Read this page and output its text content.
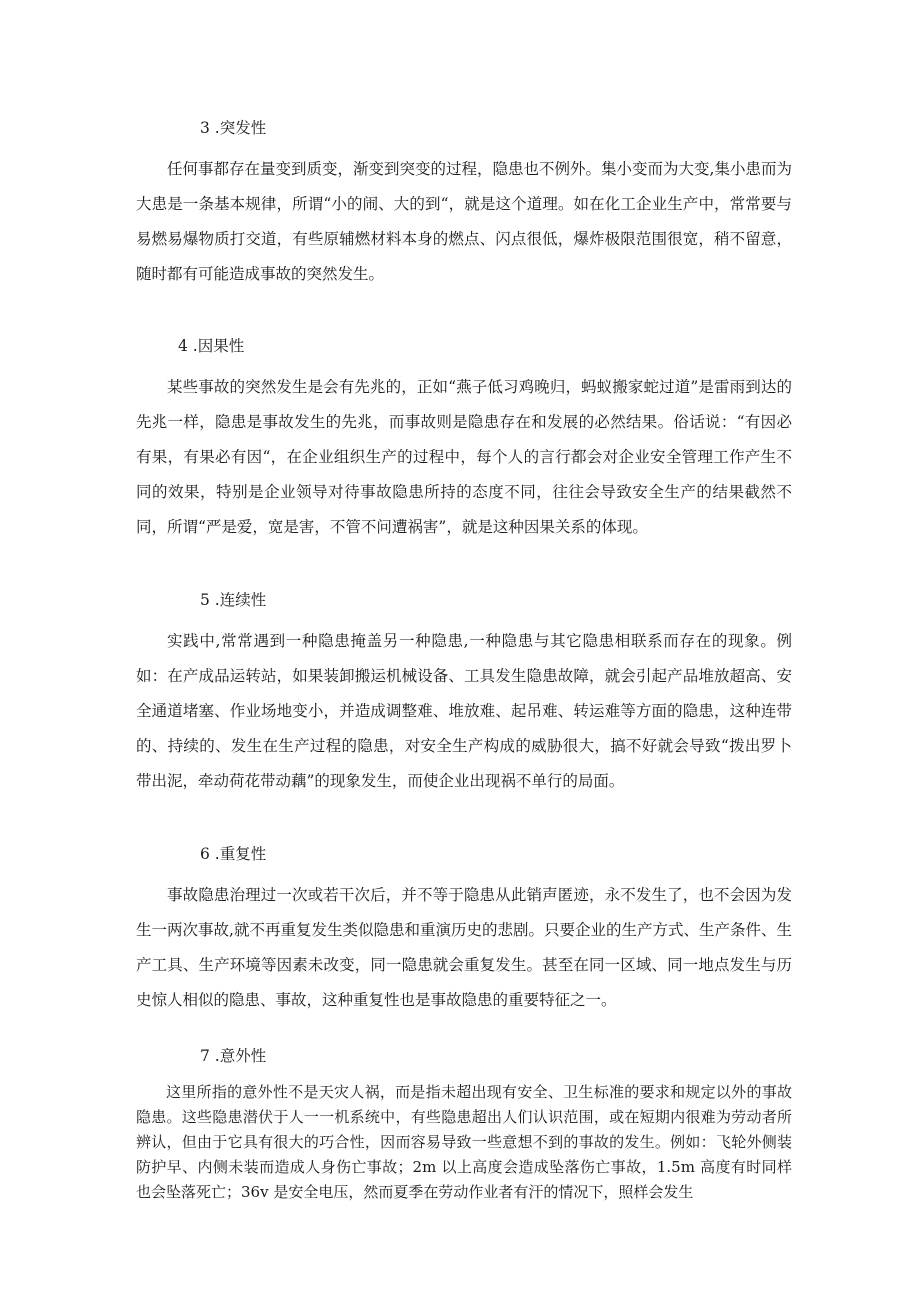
3 .突发性

任何事都存在量变到质变，渐变到突变的过程，隐患也不例外。集小变而为大变,集小患而为大患是一条基本规律，所谓“小的闹、大的到“，就是这个道理。如在化工企业生产中，常常要与易燃易爆物质打交道，有些原辅燃材料本身的燃点、闪点很低，爆炸极限范围很宽，稍不留意，随时都有可能造成事故的突然发生。

4 .因果性

某些事故的突然发生是会有先兆的，正如“燕子低习鸡晚归，蚂蚁搬家蛇过道”是雷雨到达的先兆一样，隐患是事故发生的先兆，而事故则是隐患存在和发展的必然结果。俗话说：“有因必有果，有果必有因“，在企业组织生产的过程中，每个人的言行都会对企业安全管理工作产生不同的效果，特别是企业领导对待事故隐患所持的态度不同，往往会导致安全生产的结果截然不同，所谓“严是爱，宽是害，不管不问遭祸害”，就是这种因果关系的体现。

5 .连续性

实践中,常常遇到一种隐患掩盖另一种隐患,一种隐患与其它隐患相联系而存在的现象。例如：在产成品运转站，如果装卸搬运机械设备、工具发生隐患故障，就会引起产品堆放超高、安全通道堵塞、作业场地变小，并造成调整难、堆放难、起吊难、转运难等方面的隐患，这种连带的、持续的、发生在生产过程的隐患，对安全生产构成的威胁很大，搞不好就会导致“拨出罗卜带出泥，牵动荷花带动藕”的现象发生，而使企业出现祸不单行的局面。

6 .重复性

事故隐患治理过一次或若干次后，并不等于隐患从此销声匿迹，永不发生了，也不会因为发生一两次事故,就不再重复发生类似隐患和重演历史的悲剧。只要企业的生产方式、生产条件、生产工具、生产环境等因素未改变，同一隐患就会重复发生。甚至在同一区域、同一地点发生与历史惊人相似的隐患、事故，这种重复性也是事故隐患的重要特征之一。

7 .意外性

这里所指的意外性不是天灾人祸，而是指未超出现有安全、卫生标准的要求和规定以外的事故隐患。这些隐患潜伏于人一一机系统中，有些隐患超出人们认识范围，或在短期内很难为劳动者所辨认，但由于它具有很大的巧合性，因而容易导致一些意想不到的事故的发生。例如：飞轮外侧装防护早、内侧未装而造成人身伤亡事故；2m 以上高度会造成坠落伤亡事故，1.5m 高度有时同样也会坠落死亡；36v 是安全电压，然而夏季在劳动作业者有汗的情况下，照样会发生
